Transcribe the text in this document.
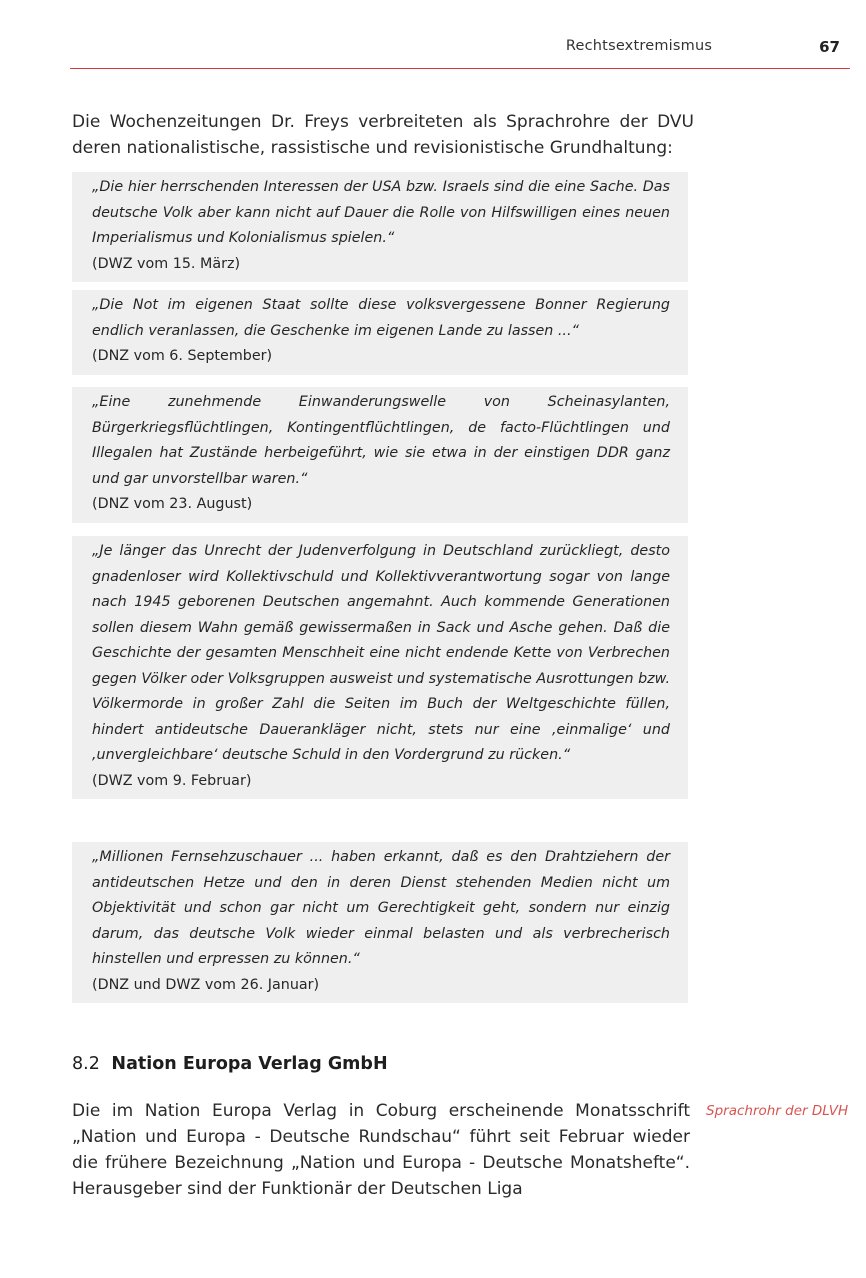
Rechtsextremismus	67
Die Wochenzeitungen Dr. Freys verbreiteten als Sprachrohre der DVU deren nationalistische, rassistische und revisionistische Grundhaltung:
„Die hier herrschenden Interessen der USA bzw. Israels sind die eine Sache. Das deutsche Volk aber kann nicht auf Dauer die Rolle von Hilfswilligen eines neuen Imperialismus und Kolonialismus spielen.“
(DWZ vom 15. März)
„Die Not im eigenen Staat sollte diese volksvergessene Bonner Regierung endlich veranlassen, die Geschenke im eigenen Lande zu lassen ...“
(DNZ vom 6. September)
„Eine zunehmende Einwanderungswelle von Scheinasylanten, Bürgerkriegsflüchtlingen, Kontingentflüchtlingen, de facto-Flüchtlingen und Illegalen hat Zustände herbeigeführt, wie sie etwa in der einstigen DDR ganz und gar unvorstellbar waren.“
(DNZ vom 23. August)
„Je länger das Unrecht der Judenverfolgung in Deutschland zurückliegt, desto gnadenloser wird Kollektivschuld und Kollektivverantwortung sogar von lange nach 1945 geborenen Deutschen angemahnt. Auch kommende Generationen sollen diesem Wahn gemäß gewissermaßen in Sack und Asche gehen. Daß die Geschichte der gesamten Menschheit eine nicht endende Kette von Verbrechen gegen Völker oder Volksgruppen ausweist und systematische Ausrottungen bzw. Völkermorde in großer Zahl die Seiten im Buch der Weltgeschichte füllen, hindert antideutsche Dauerankläger nicht, stets nur eine ‚einmalige‘ und ‚unvergleichbare‘ deutsche Schuld in den Vordergrund zu rücken.“
(DWZ vom 9. Februar)
„Millionen Fernsehzuschauer ... haben erkannt, daß es den Drahtziehern der antideutschen Hetze und den in deren Dienst stehenden Medien nicht um Objektivität und schon gar nicht um Gerechtigkeit geht, sondern nur einzig darum, das deutsche Volk wieder einmal belasten und als verbrecherisch hinstellen und erpressen zu können.“
(DNZ und DWZ vom 26. Januar)
8.2 Nation Europa Verlag GmbH
Die im Nation Europa Verlag in Coburg erscheinende Monatsschrift „Nation und Europa - Deutsche Rundschau“ führt seit Februar wieder die frühere Bezeichnung „Nation und Europa - Deutsche Monatshefte“. Herausgeber sind der Funktionär der Deutschen Liga
Sprachrohr der DLVH
